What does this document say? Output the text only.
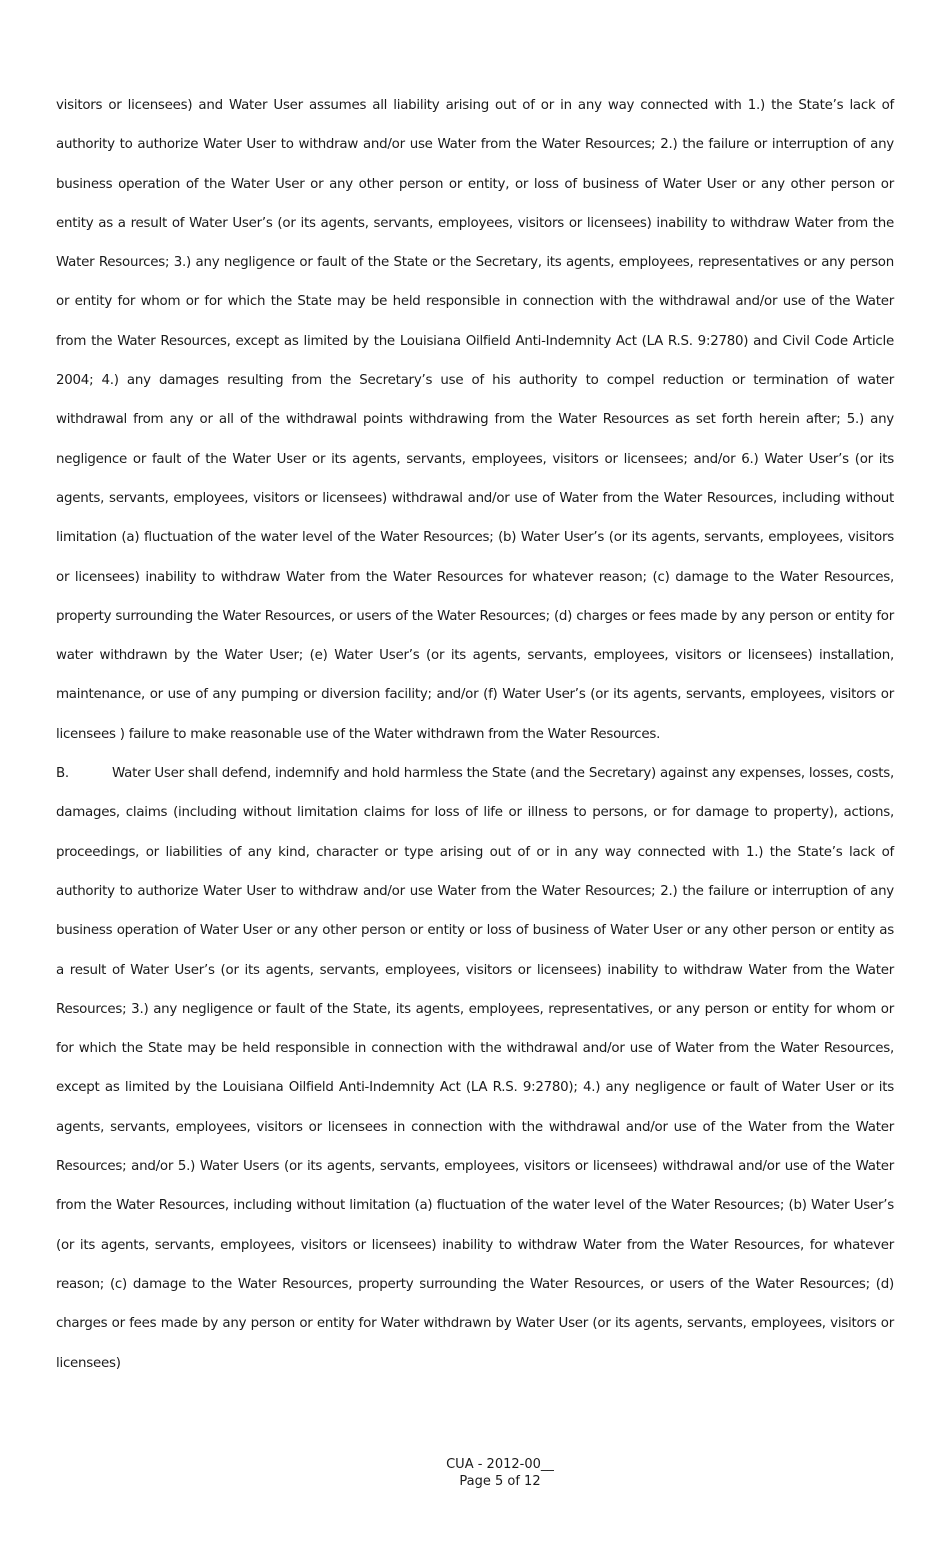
visitors or licensees) and Water User assumes all liability arising out of or in any way connected with 1.) the State’s lack of authority to authorize Water User to withdraw and/or use Water from the Water Resources; 2.) the failure or interruption of any business operation of the Water User or any other person or entity, or loss of business of Water User or any other person or entity as a result of Water User’s (or its agents, servants, employees, visitors or licensees) inability to withdraw Water from the Water Resources; 3.) any negligence or fault of the State or the Secretary, its agents, employees, representatives or any person or entity for whom or for which the State may be held responsible in connection with the withdrawal and/or use of the Water from the Water Resources, except as limited by the Louisiana Oilfield Anti-Indemnity Act (LA R.S. 9:2780) and Civil Code Article 2004; 4.) any damages resulting from the Secretary’s use of his authority to compel reduction or termination of water withdrawal from any or all of the withdrawal points withdrawing from the Water Resources as set forth herein after; 5.) any negligence or fault of the Water User or its agents, servants, employees, visitors or licensees; and/or 6.) Water User’s (or its agents, servants, employees, visitors or licensees) withdrawal and/or use of Water from the Water Resources, including without limitation (a) fluctuation of the water level of the Water Resources; (b) Water User’s (or its agents, servants, employees, visitors or licensees) inability to withdraw Water from the Water Resources for whatever reason; (c) damage to the Water Resources, property surrounding the Water Resources, or users of the Water Resources; (d) charges or fees made by any person or entity for water withdrawn by the Water User; (e) Water User’s (or its agents, servants, employees, visitors or licensees) installation, maintenance, or use of any pumping or diversion facility; and/or (f) Water User’s (or its agents, servants, employees, visitors or licensees ) failure to make reasonable use of the Water withdrawn from the Water Resources.

B.	Water User shall defend, indemnify and hold harmless the State (and the Secretary) against any expenses, losses, costs, damages, claims (including without limitation claims for loss of life or illness to persons, or for damage to property), actions, proceedings, or liabilities of any kind, character or type arising out of or in any way connected with 1.) the State’s lack of authority to authorize Water User to withdraw and/or use Water from the Water Resources; 2.) the failure or interruption of any business operation of Water User or any other person or entity or loss of business of Water User or any other person or entity as a result of Water User’s (or its agents, servants, employees, visitors or licensees) inability to withdraw Water from the Water Resources; 3.) any negligence or fault of the State, its agents, employees, representatives, or any person or entity for whom or for which the State may be held responsible in connection with the withdrawal and/or use of Water from the Water Resources, except as limited by the Louisiana Oilfield Anti-Indemnity Act (LA R.S. 9:2780); 4.) any negligence or fault of Water User or its agents, servants, employees, visitors or licensees in connection with the withdrawal and/or use of the Water from the Water Resources; and/or 5.) Water Users (or its agents, servants, employees, visitors or licensees) withdrawal and/or use of the Water from the Water Resources, including without limitation (a) fluctuation of the water level of the Water Resources; (b) Water User’s (or its agents, servants, employees, visitors or licensees) inability to withdraw Water from the Water Resources, for whatever reason; (c) damage to the Water Resources, property surrounding the Water Resources, or users of the Water Resources; (d) charges or fees made by any person or entity for Water withdrawn by Water User (or its agents, servants, employees, visitors or licensees)

CUA - 2012-00__
Page 5 of 12
